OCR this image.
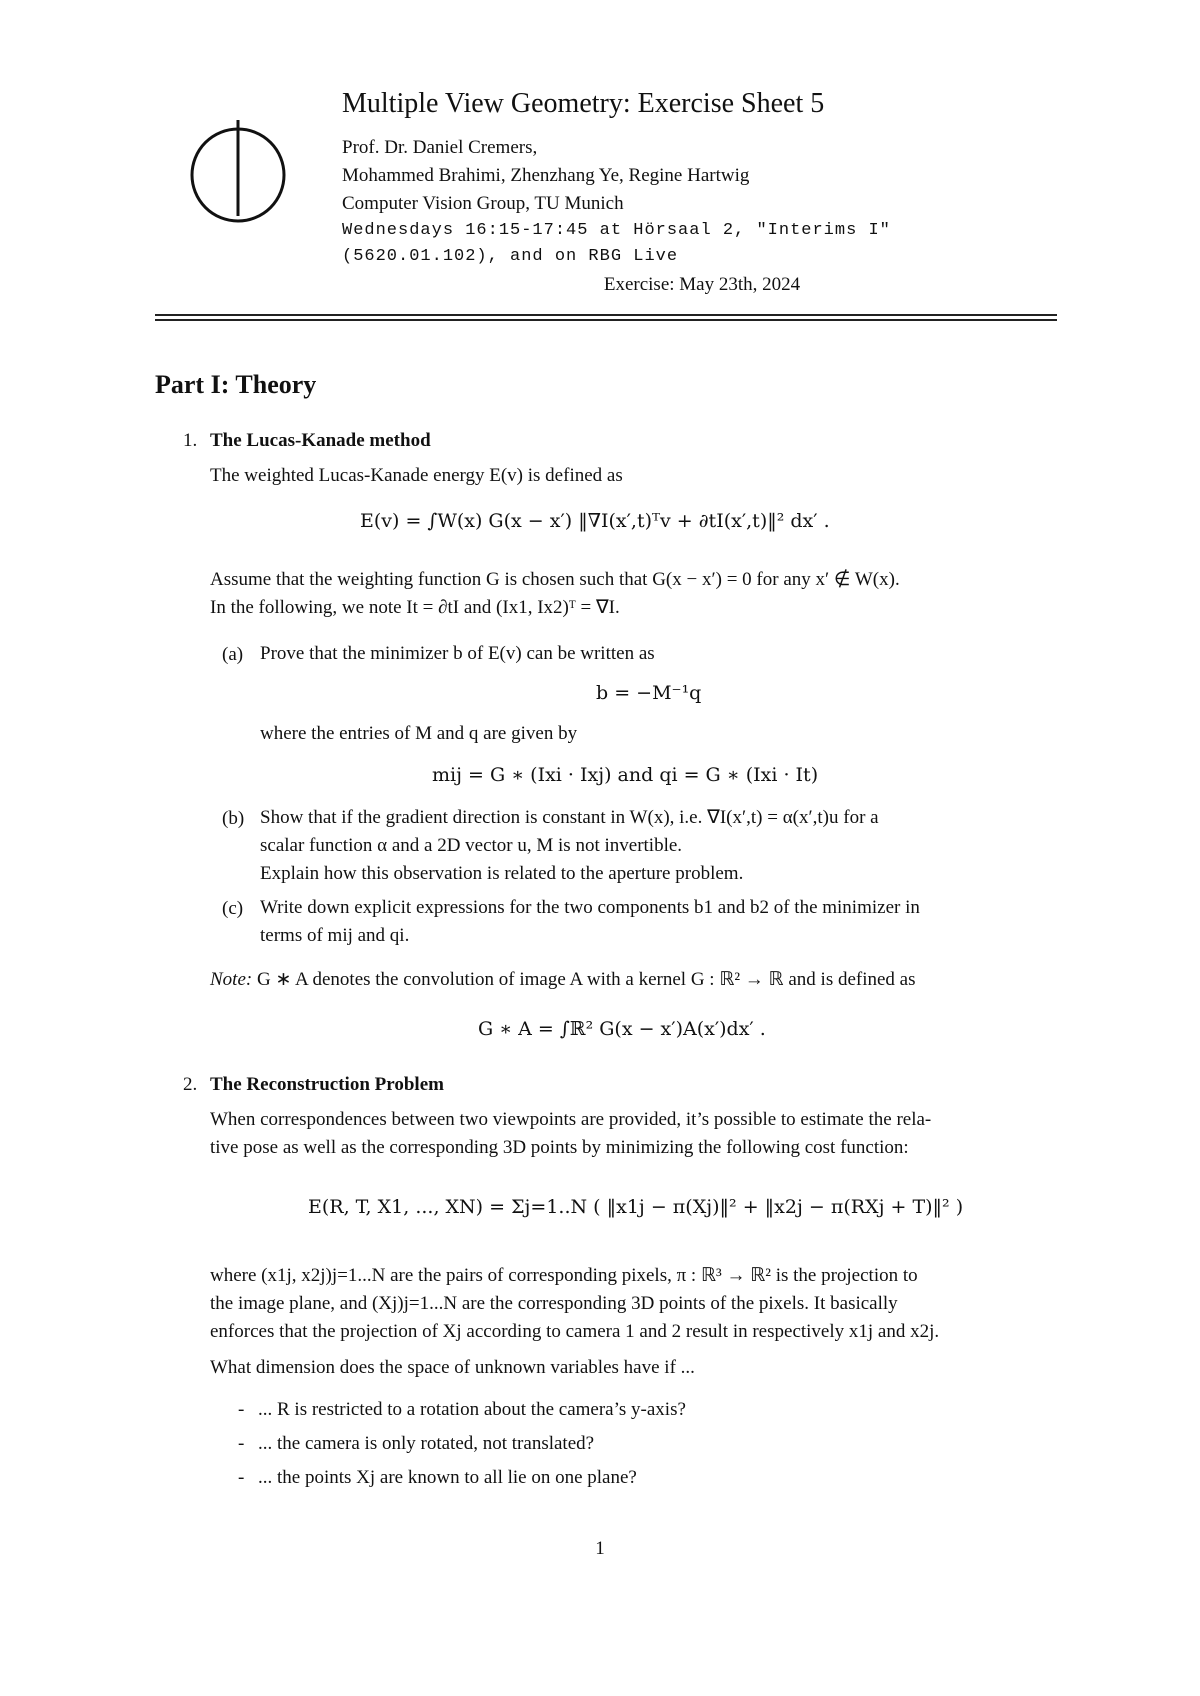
Multiple View Geometry: Exercise Sheet 5

Prof. Dr. Daniel Cremers,

Mohammed Brahimi, Zhenzhang Ye, Regine Hartwig

Computer Vision Group, TU Munich

Wednesdays 16:15-17:45 at Hörsaal 2, "Interims I"

(5620.01.102), and on RBG Live

Exercise: May 23th, 2024
Part I: Theory
1. The Lucas-Kanade method
The weighted Lucas-Kanade energy E(v) is defined as
E(v) = ∫W(x) G(x − x′) ‖∇I(x′,t)ᵀv + ∂tI(x′,t)‖² dx′ .
Assume that the weighting function G is chosen such that G(x − x′) = 0 for any x′ ∉ W(x).
In the following, we note It = ∂tI and (Ix1, Ix2)ᵀ = ∇I.
(a) Prove that the minimizer b of E(v) can be written as
b = −M⁻¹q
where the entries of M and q are given by
mij = G ∗ (Ixi · Ixj) and qi = G ∗ (Ixi · It)
(b) Show that if the gradient direction is constant in W(x), i.e. ∇I(x′,t) = α(x′,t)u for a
scalar function α and a 2D vector u, M is not invertible.
Explain how this observation is related to the aperture problem.
(c) Write down explicit expressions for the two components b1 and b2 of the minimizer in
terms of mij and qi.
Note: G ∗ A denotes the convolution of image A with a kernel G : ℝ² → ℝ and is defined as
G ∗ A = ∫ℝ² G(x − x′)A(x′)dx′ .
2. The Reconstruction Problem
When correspondences between two viewpoints are provided, it’s possible to estimate the rela-
tive pose as well as the corresponding 3D points by minimizing the following cost function:
E(R, T, X1, ..., XN) = Σj=1..N ( ‖x1j − π(Xj)‖² + ‖x2j − π(RXj + T)‖² )
where (x1j, x2j)j=1...N are the pairs of corresponding pixels, π : ℝ³ → ℝ² is the projection to
the image plane, and (Xj)j=1...N are the corresponding 3D points of the pixels. It basically
enforces that the projection of Xj according to camera 1 and 2 result in respectively x1j and x2j.
What dimension does the space of unknown variables have if ...
- ... R is restricted to a rotation about the camera’s y-axis?
- ... the camera is only rotated, not translated?
- ... the points Xj are known to all lie on one plane?
1
